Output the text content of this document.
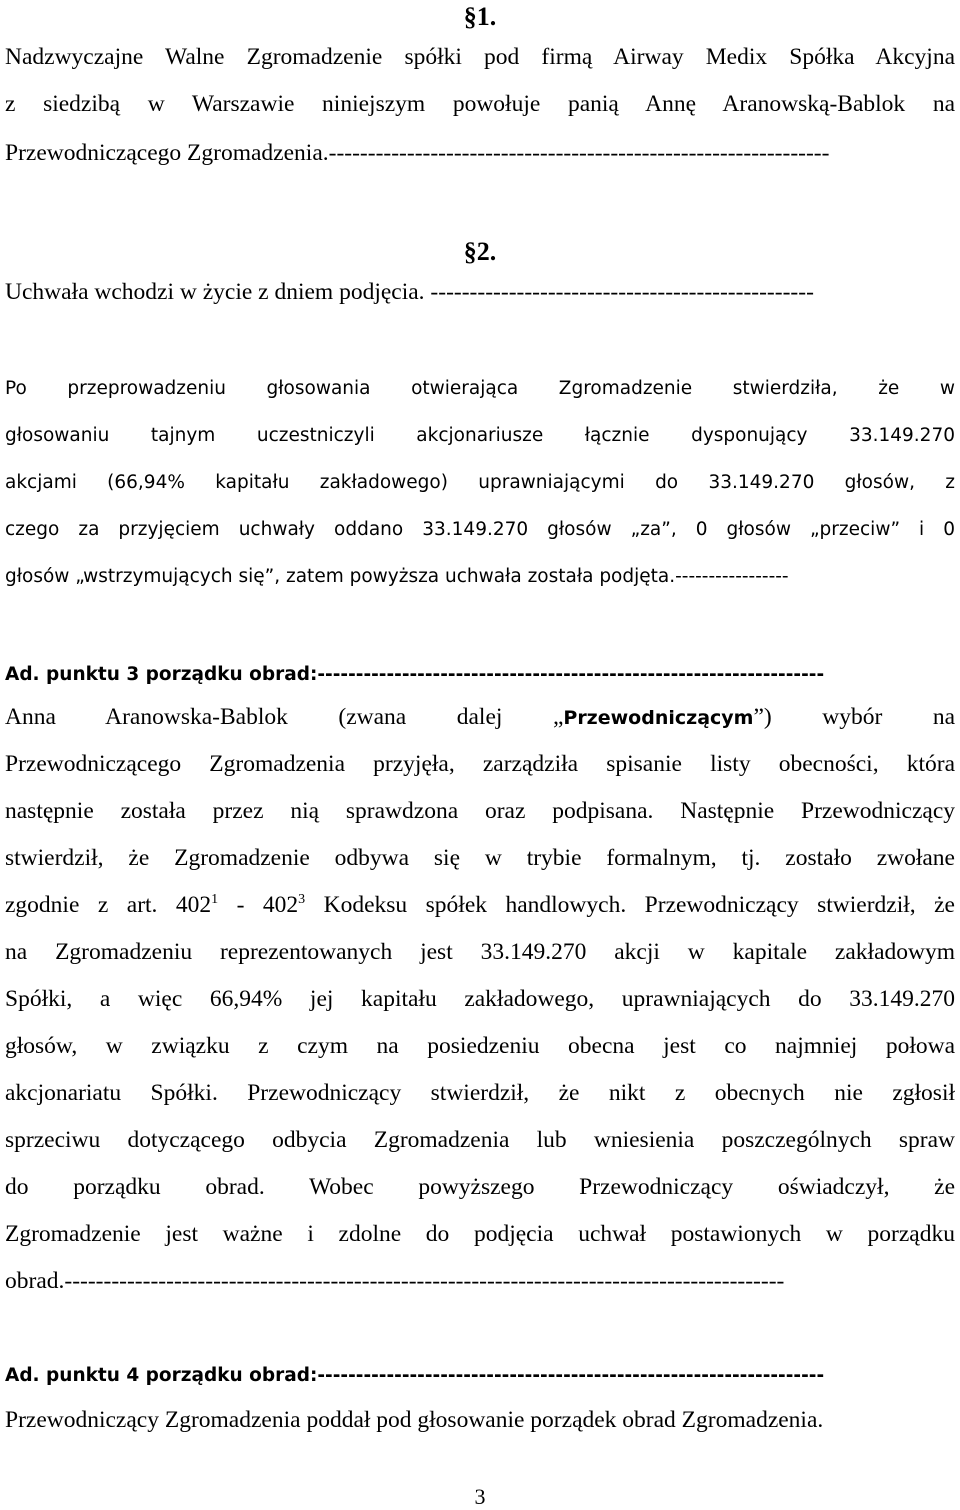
§1.
Nadzwyczajne Walne Zgromadzenie spółki pod firmą Airway Medix Spółka Akcyjna
z siedzibą w Warszawie niniejszym powołuje panią Annę Aranowską-Bablok na
Przewodniczącego Zgromadzenia.----------------------------------------------------------------
§2.
Uchwała wchodzi w życie z dniem podjęcia. -------------------------------------------------
Po przeprowadzeniu głosowania otwierająca Zgromadzenie stwierdziła, że w
głosowaniu tajnym uczestniczyli akcjonariusze łącznie dysponujący 33.149.270
akcjami (66,94% kapitału zakładowego) uprawniającymi do 33.149.270 głosów, z
czego za przyjęciem uchwały oddano 33.149.270 głosów „za”, 0 głosów „przeciw” i 0
głosów „wstrzymujących się”, zatem powyższa uchwała została podjęta.-----------------
Ad. punktu 3 porządku obrad:------------------------------------------------------------------
Anna Aranowska-Bablok (zwana dalej „Przewodniczącym”) wybór na
Przewodniczącego Zgromadzenia przyjęła, zarządziła spisanie listy obecności, która
następnie została przez nią sprawdzona oraz podpisana. Następnie Przewodniczący
stwierdził, że Zgromadzenie odbywa się w trybie formalnym, tj. zostało zwołane
zgodnie z art. $402^1 - 402^3$ Kodeksu spółek handlowych. Przewodniczący stwierdził, że
na Zgromadzeniu reprezentowanych jest 33.149.270 akcji w kapitale zakładowym
Spółki, a więc 66,94% jej kapitału zakładowego, uprawniających do 33.149.270
głosów, w związku z czym na posiedzeniu obecna jest co najmniej połowa
akcjonariatu Spółki. Przewodniczący stwierdził, że nikt z obecnych nie zgłosił
sprzeciwu dotyczącego odbycia Zgromadzenia lub wniesienia poszczególnych spraw
do porządku obrad. Wobec powyższego Przewodniczący oświadczył, że
Zgromadzenie jest ważne i zdolne do podjęcia uchwał postawionych w porządku
obrad.--------------------------------------------------------------------------------------------
Ad. punktu 4 porządku obrad:------------------------------------------------------------------
Przewodniczący Zgromadzenia poddał pod głosowanie porządek obrad Zgromadzenia.
3
